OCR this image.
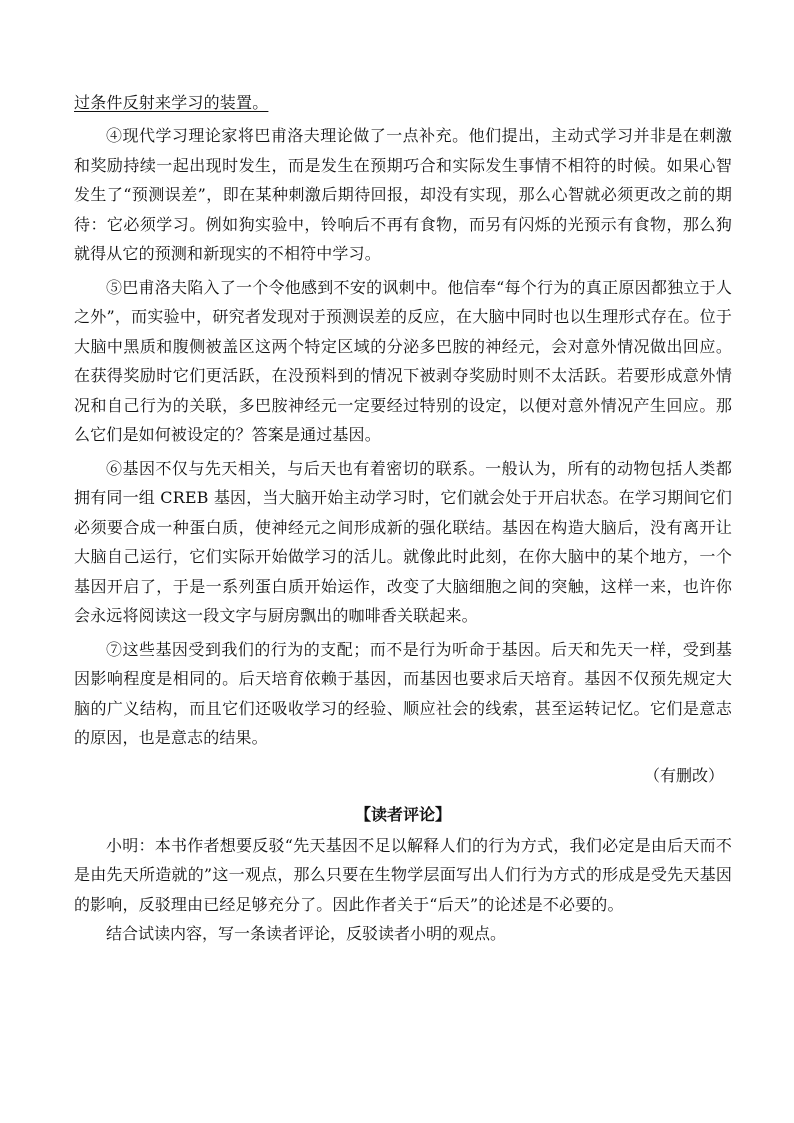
过条件反射来学习的装置。
④现代学习理论家将巴甫洛夫理论做了一点补充。他们提出，主动式学习并非是在刺激和奖励持续一起出现时发生，而是发生在预期巧合和实际发生事情不相符的时候。如果心智发生了“预测误差”，即在某种刺激后期待回报，却没有实现，那么心智就必须更改之前的期待：它必须学习。例如狗实验中，铃响后不再有食物，而另有闪烁的光预示有食物，那么狗就得从它的预测和新现实的不相符中学习。
⑤巴甫洛夫陷入了一个令他感到不安的讽刺中。他信奉“每个行为的真正原因都独立于人之外”，而实验中，研究者发现对于预测误差的反应，在大脑中同时也以生理形式存在。位于大脑中黑质和腹侧被盖区这两个特定区域的分泌多巴胺的神经元，会对意外情况做出回应。在获得奖励时它们更活跃，在没预料到的情况下被剥夺奖励时则不太活跃。若要形成意外情况和自己行为的关联，多巴胺神经元一定要经过特别的设定，以便对意外情况产生回应。那么它们是如何被设定的？答案是通过基因。
⑥基因不仅与先天相关，与后天也有着密切的联系。一般认为，所有的动物包括人类都拥有同一组 CREB 基因，当大脑开始主动学习时，它们就会处于开启状态。在学习期间它们必须要合成一种蛋白质，使神经元之间形成新的强化联结。基因在构造大脑后，没有离开让大脑自己运行，它们实际开始做学习的活儿。就像此时此刻，在你大脑中的某个地方，一个基因开启了，于是一系列蛋白质开始运作，改变了大脑细胞之间的突触，这样一来，也许你会永远将阅读这一段文字与厨房飘出的咖啡香关联起来。
⑦这些基因受到我们的行为的支配；而不是行为听命于基因。后天和先天一样，受到基因影响程度是相同的。后天培育依赖于基因，而基因也要求后天培育。基因不仅预先规定大脑的广义结构，而且它们还吸收学习的经验、顺应社会的线索，甚至运转记忆。它们是意志的原因，也是意志的结果。
（有删改）
【读者评论】
小明：本书作者想要反驳“先天基因不足以解释人们的行为方式，我们必定是由后天而不是由先天所造就的”这一观点，那么只要在生物学层面写出人们行为方式的形成是受先天基因的影响，反驳理由已经足够充分了。因此作者关于“后天”的论述是不必要的。
结合试读内容，写一条读者评论，反驳读者小明的观点。
